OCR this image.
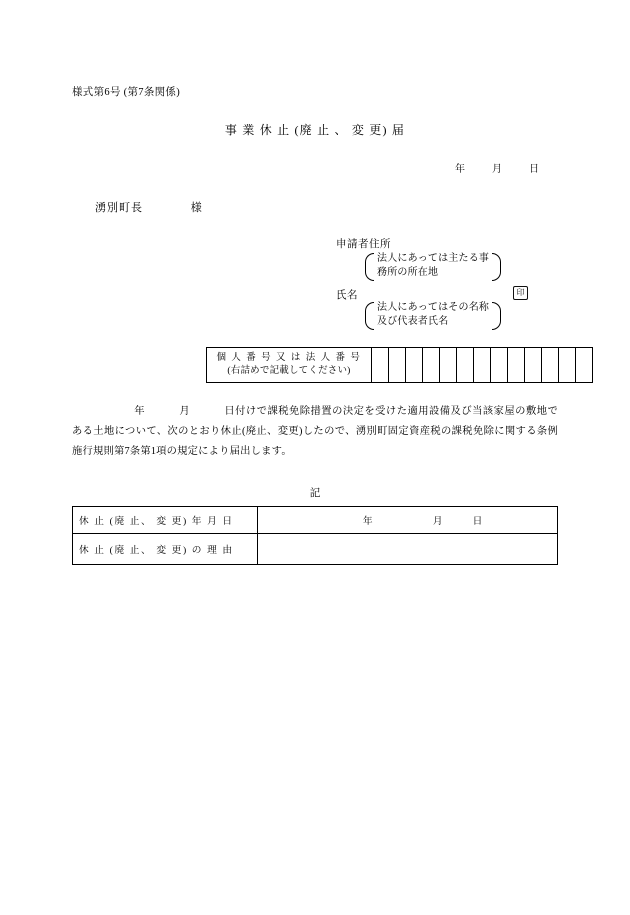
様式第6号 (第7条関係)
事 業 休 止 (廃 止 、 変 更) 届
年	月	日
湧別町長	様
申請者住所
法人にあっては主たる事
務所の所在地
氏名	印
法人にあってはその名称
及び代表者氏名
個 人 番 号 又 は 法 人 番 号
(右詰めで記載してください)

年	月	日付けで課税免除措置の決定を受けた適用設備及び当該家屋の敷地である土地について、次のとおり休止(廃止、変更)したので、湧別町固定資産税の課税免除に関する条例施行規則第7条第1項の規定により届出します。
記
休 止 (廃 止、 変 更) 年 月 日	年 月 日
休 止 (廃 止、 変 更) の 理 由	
